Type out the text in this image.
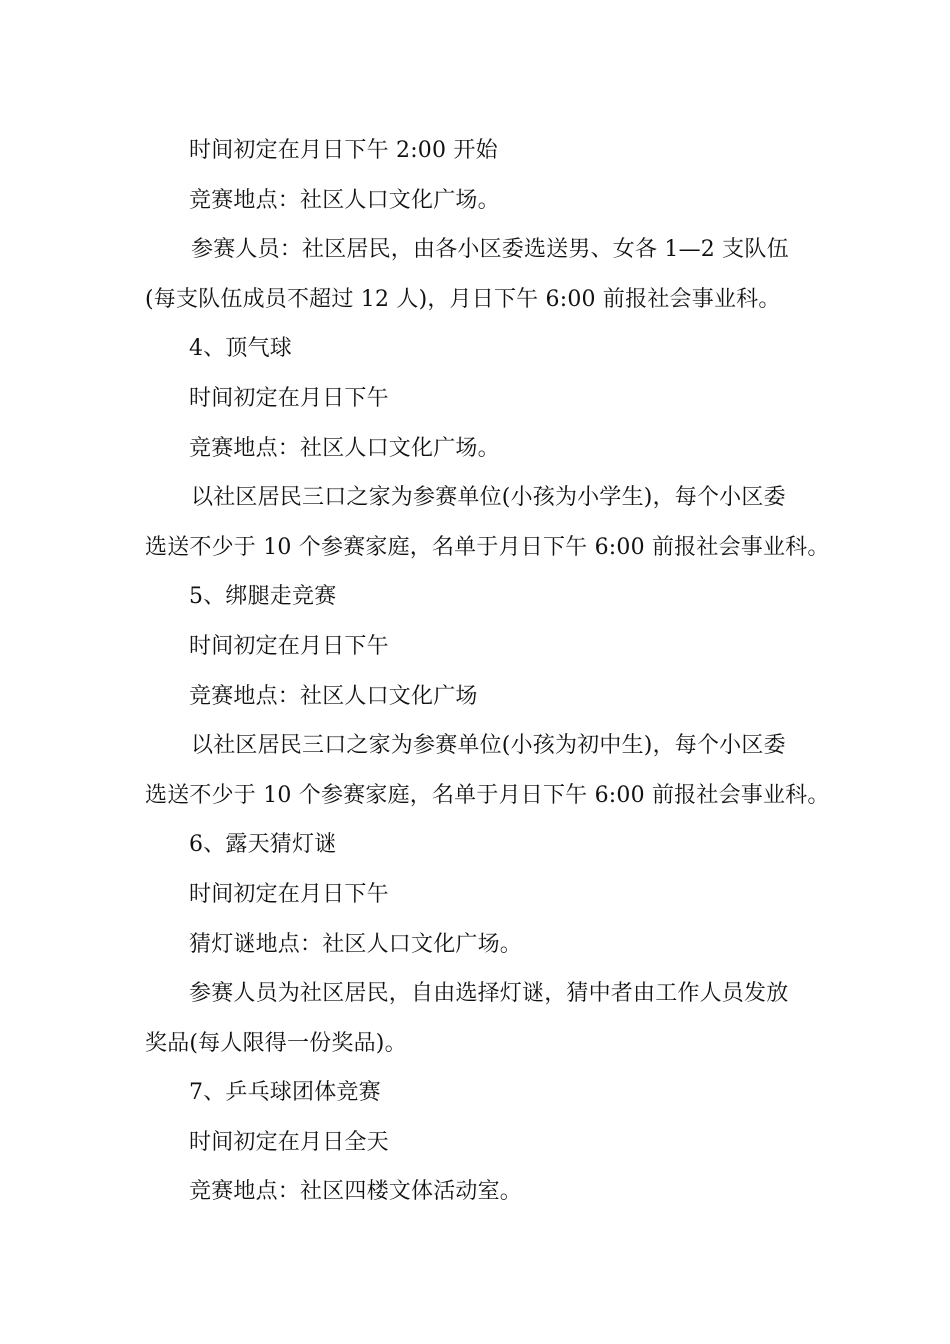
时间初定在月日下午 2:00 开始
竞赛地点：社区人口文化广场。
参赛人员：社区居民，由各小区委选送男、女各 1—2 支队伍
(每支队伍成员不超过 12 人)，月日下午 6:00 前报社会事业科。
4、顶气球
时间初定在月日下午
竞赛地点：社区人口文化广场。
以社区居民三口之家为参赛单位(小孩为小学生)，每个小区委
选送不少于 10 个参赛家庭，名单于月日下午 6:00 前报社会事业科。
5、绑腿走竞赛
时间初定在月日下午
竞赛地点：社区人口文化广场
以社区居民三口之家为参赛单位(小孩为初中生)，每个小区委
选送不少于 10 个参赛家庭，名单于月日下午 6:00 前报社会事业科。
6、露天猜灯谜
时间初定在月日下午
猜灯谜地点：社区人口文化广场。
参赛人员为社区居民，自由选择灯谜，猜中者由工作人员发放
奖品(每人限得一份奖品)。
7、乒乓球团体竞赛
时间初定在月日全天
竞赛地点：社区四楼文体活动室。
